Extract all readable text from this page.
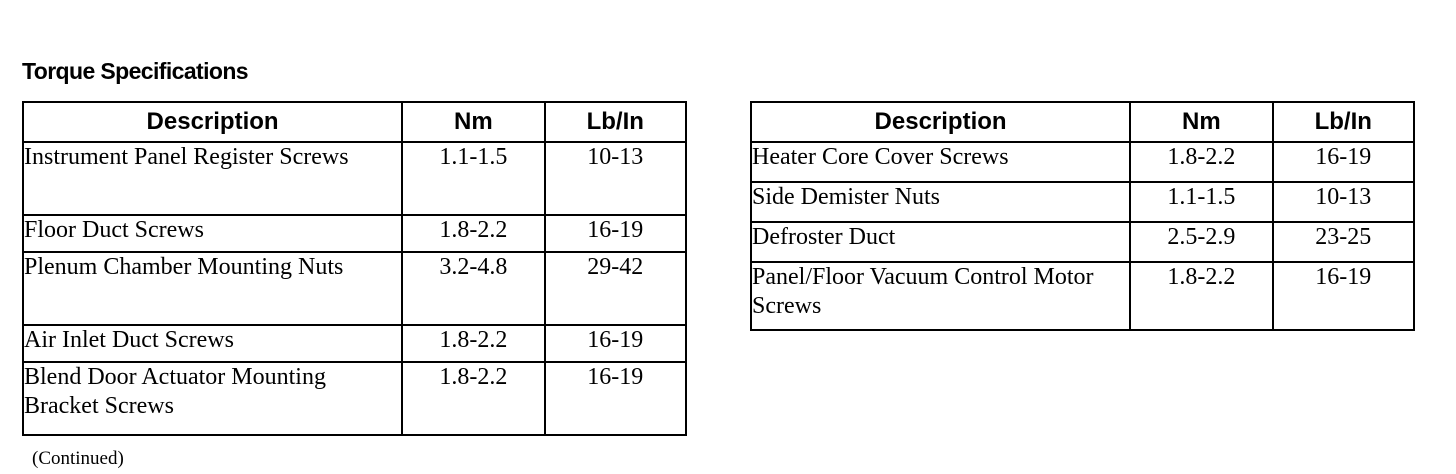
Torque Specifications
Description	Nm	Lb/In
Instrument Panel Register Screws	1.1-1.5	10-13
Floor Duct Screws	1.8-2.2	16-19
Plenum Chamber Mounting Nuts	3.2-4.8	29-42
Air Inlet Duct Screws	1.8-2.2	16-19
Blend Door Actuator Mounting Bracket Screws	1.8-2.2	16-19
Description	Nm	Lb/In
Heater Core Cover Screws	1.8-2.2	16-19
Side Demister Nuts	1.1-1.5	10-13
Defroster Duct	2.5-2.9	23-25
Panel/Floor Vacuum Control Motor Screws	1.8-2.2	16-19

(Continued)
